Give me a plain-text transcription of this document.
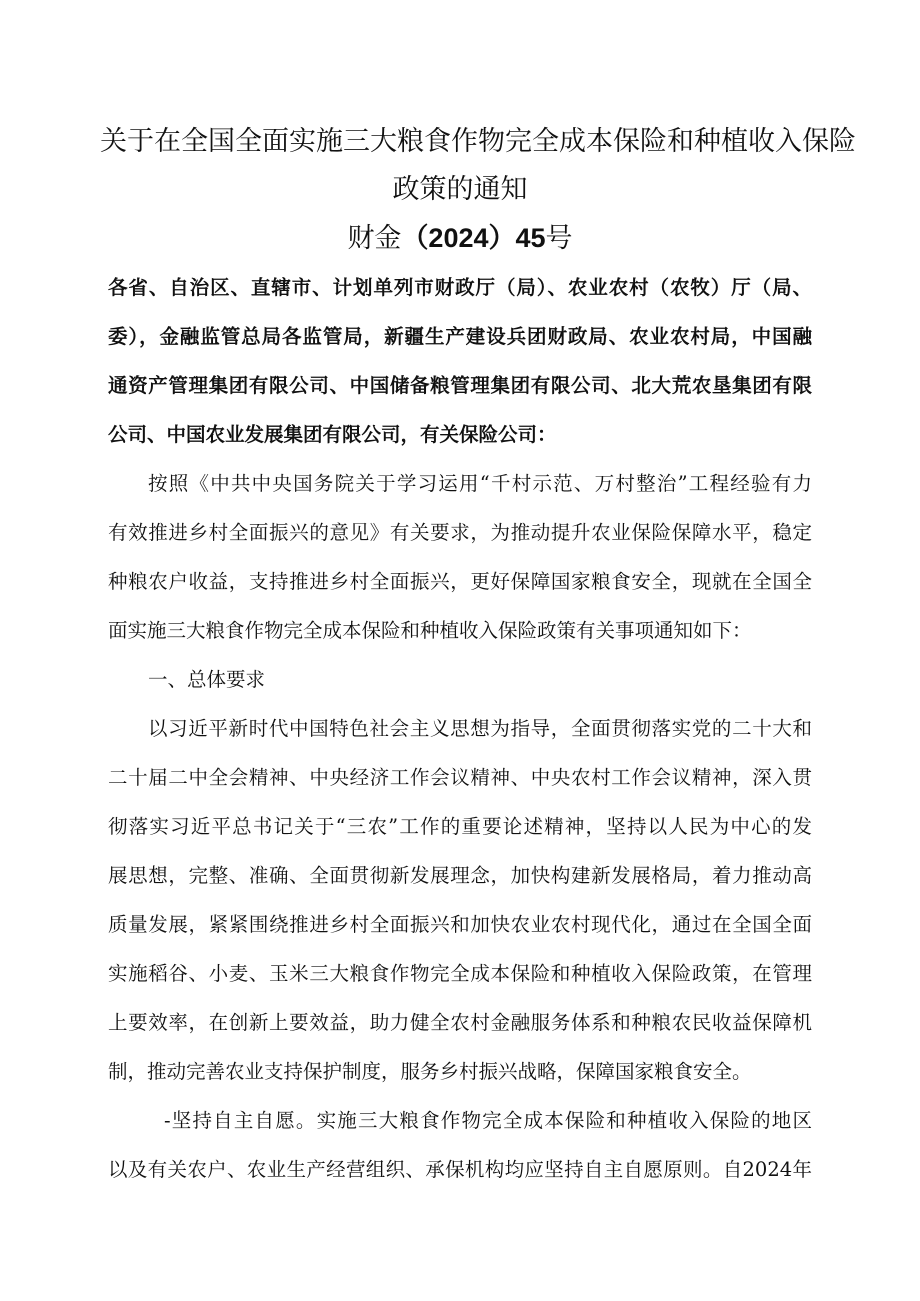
关于在全国全面实施三大粮食作物完全成本保险和种植收入保险
政策的通知
财金（2024）45号
各省、自治区、直辖市、计划单列市财政厅（局）、农业农村（农牧）厅（局、
委），金融监管总局各监管局，新疆生产建设兵团财政局、农业农村局，中国融
通资产管理集团有限公司、中国储备粮管理集团有限公司、北大荒农垦集团有限
公司、中国农业发展集团有限公司，有关保险公司：
按照《中共中央国务院关于学习运用“千村示范、万村整治”工程经验有力
有效推进乡村全面振兴的意见》有关要求，为推动提升农业保险保障水平，稳定
种粮农户收益，支持推进乡村全面振兴，更好保障国家粮食安全，现就在全国全
面实施三大粮食作物完全成本保险和种植收入保险政策有关事项通知如下：
一、总体要求
以习近平新时代中国特色社会主义思想为指导，全面贯彻落实党的二十大和
二十届二中全会精神、中央经济工作会议精神、中央农村工作会议精神，深入贯
彻落实习近平总书记关于“三农”工作的重要论述精神，坚持以人民为中心的发
展思想，完整、准确、全面贯彻新发展理念，加快构建新发展格局，着力推动高
质量发展，紧紧围绕推进乡村全面振兴和加快农业农村现代化，通过在全国全面
实施稻谷、小麦、玉米三大粮食作物完全成本保险和种植收入保险政策，在管理
上要效率，在创新上要效益，助力健全农村金融服务体系和种粮农民收益保障机
制，推动完善农业支持保护制度，服务乡村振兴战略，保障国家粮食安全。
-坚持自主自愿。实施三大粮食作物完全成本保险和种植收入保险的地区
以及有关农户、农业生产经营组织、承保机构均应坚持自主自愿原则。自2024年
